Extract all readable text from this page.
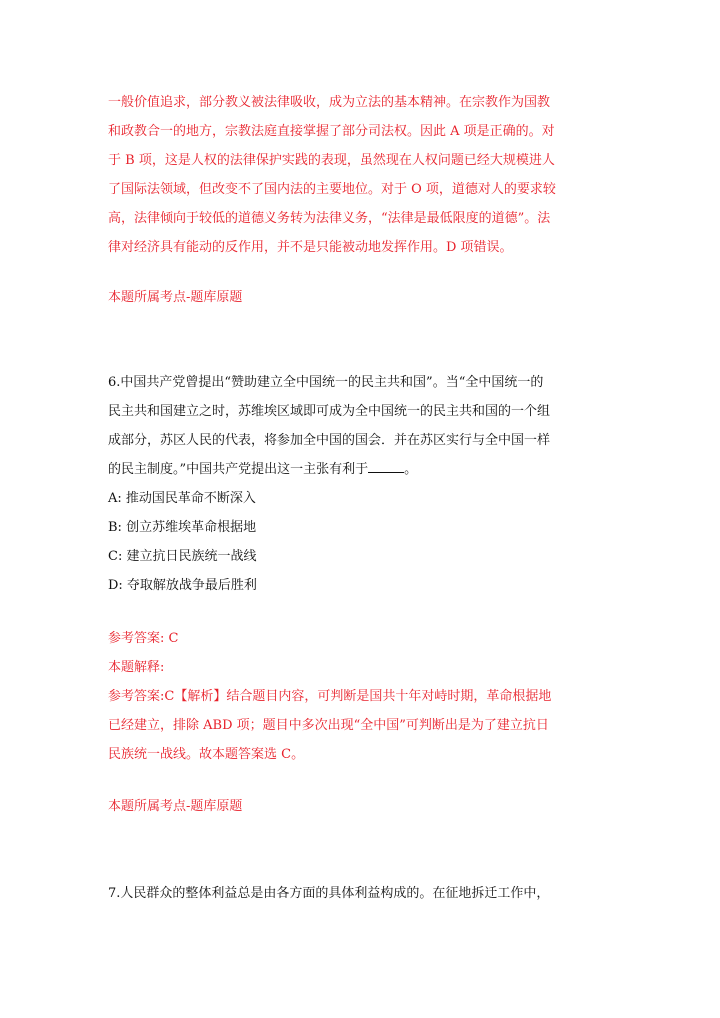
一般价值追求，部分教义被法律吸收，成为立法的基本精神。在宗教作为国教
和政教合一的地方，宗教法庭直接掌握了部分司法权。因此 A 项是正确的。对
于 B 项，这是人权的法律保护实践的表现，虽然现在人权问题已经大规模进人
了国际法领域，但改变不了国内法的主要地位。对于 O 项，道德对人的要求较
高，法律倾向于较低的道德义务转为法律义务，“法律是最低限度的道德”。法
律对经济具有能动的反作用，并不是只能被动地发挥作用。D 项错误。
本题所属考点-题库原题
6.中国共产党曾提出“赞助建立全中国统一的民主共和国”。当“全中国统一的
民主共和国建立之时，苏维埃区域即可成为全中国统一的民主共和国的一个组
成部分，苏区人民的代表，将参加全中国的国会．并在苏区实行与全中国一样
的民主制度。”中国共产党提出这一主张有利于	。
A: 推动国民革命不断深入
B: 创立苏维埃革命根据地
C: 建立抗日民族统一战线
D: 夺取解放战争最后胜利
参考答案: C
本题解释:
参考答案:C【解析】结合题目内容，可判断是国共十年对峙时期，革命根据地
已经建立，排除 ABD 项；题目中多次出现“全中国”可判断出是为了建立抗日
民族统一战线。故本题答案选 C。
本题所属考点-题库原题
7.人民群众的整体利益总是由各方面的具体利益构成的。在征地拆迁工作中，
